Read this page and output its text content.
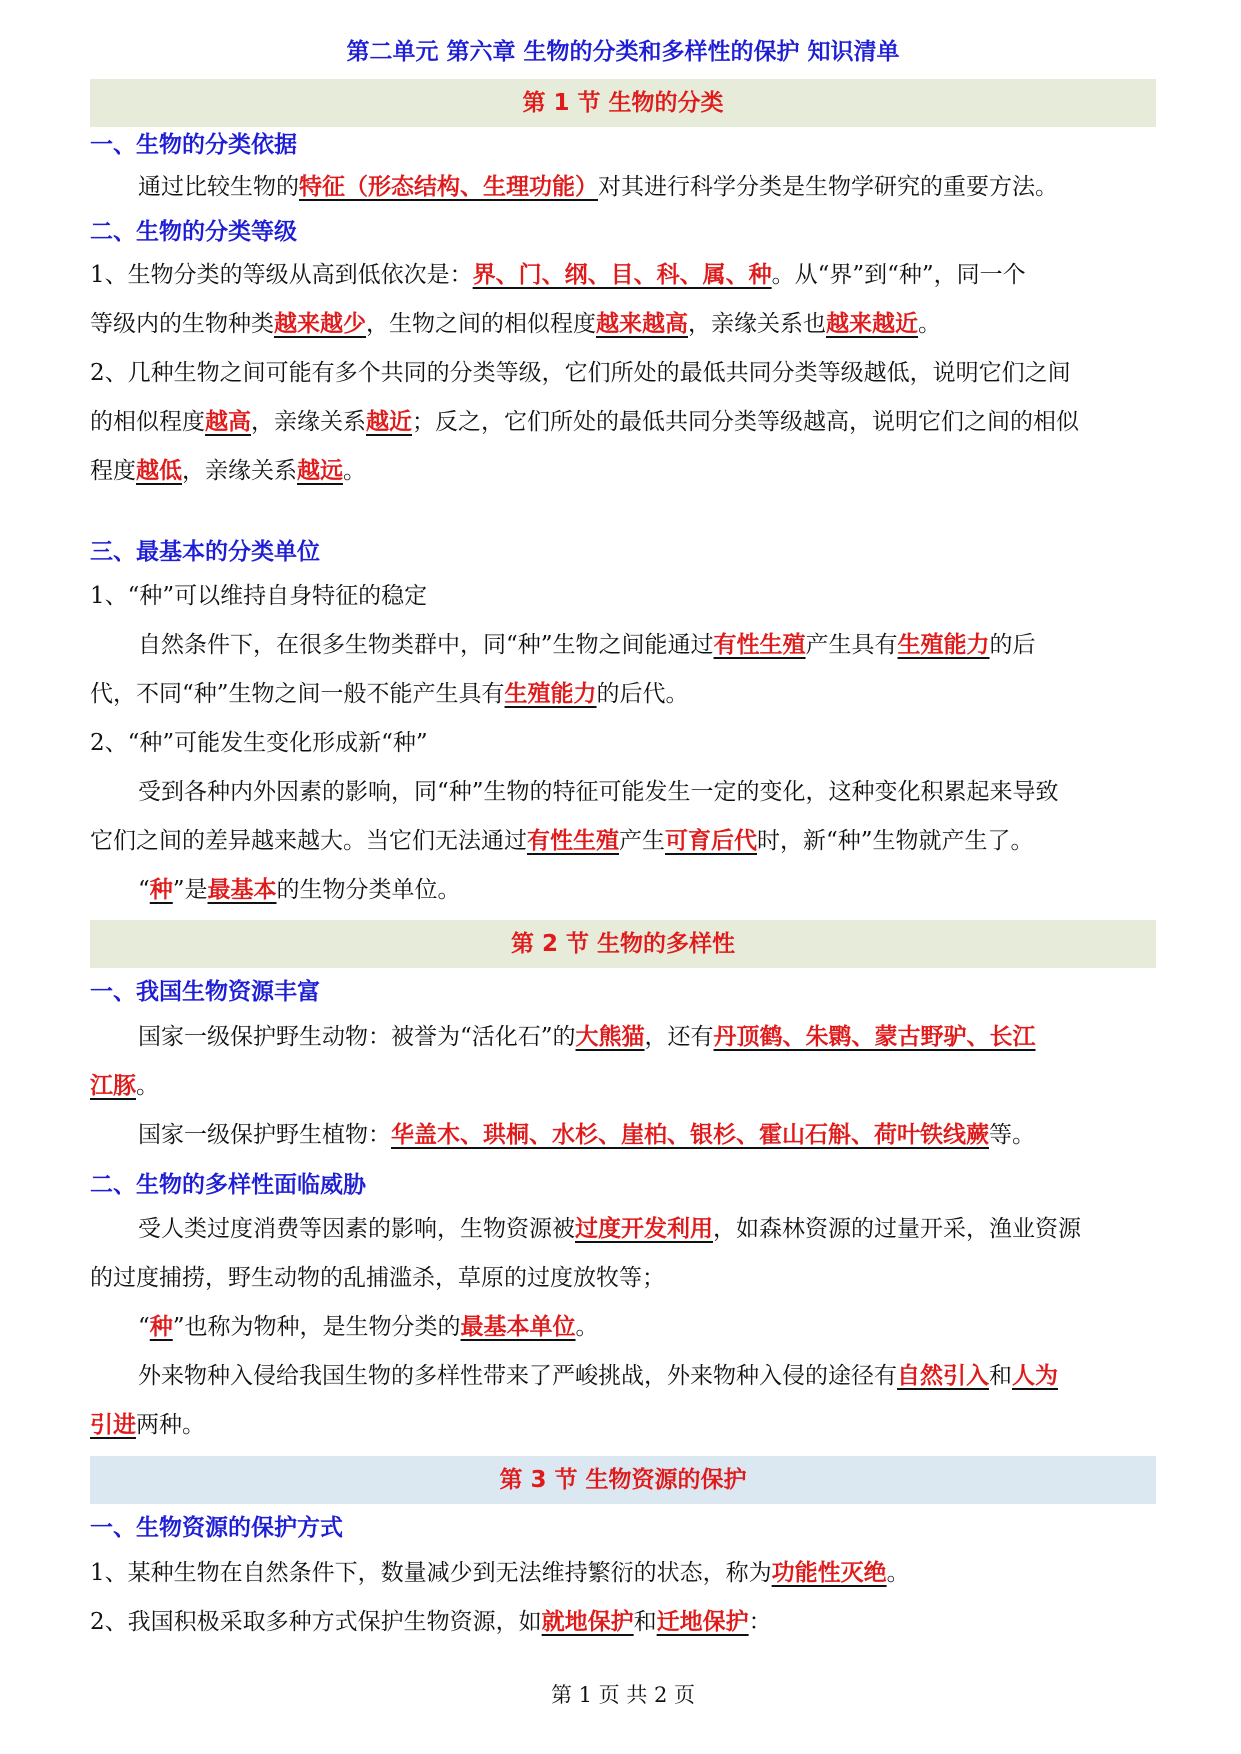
第二单元 第六章 生物的分类和多样性的保护 知识清单
第 1 节 生物的分类
一、生物的分类依据
通过比较生物的特征（形态结构、生理功能）对其进行科学分类是生物学研究的重要方法。
二、生物的分类等级
1、生物分类的等级从高到低依次是：界、门、纲、目、科、属、种。从“界”到“种”，同一个
等级内的生物种类越来越少，生物之间的相似程度越来越高，亲缘关系也越来越近。
2、几种生物之间可能有多个共同的分类等级，它们所处的最低共同分类等级越低，说明它们之间
的相似程度越高，亲缘关系越近；反之，它们所处的最低共同分类等级越高，说明它们之间的相似
程度越低，亲缘关系越远。
三、最基本的分类单位
1、“种”可以维持自身特征的稳定
自然条件下，在很多生物类群中，同“种”生物之间能通过有性生殖产生具有生殖能力的后
代，不同“种”生物之间一般不能产生具有生殖能力的后代。
2、“种”可能发生变化形成新“种”
受到各种内外因素的影响，同“种”生物的特征可能发生一定的变化，这种变化积累起来导致
它们之间的差异越来越大。当它们无法通过有性生殖产生可育后代时，新“种”生物就产生了。
“种”是最基本的生物分类单位。
第 2 节 生物的多样性
一、我国生物资源丰富
国家一级保护野生动物：被誉为“活化石”的大熊猫，还有丹顶鹤、朱鹮、蒙古野驴、长江
江豚。
国家一级保护野生植物：华盖木、珙桐、水杉、崖柏、银杉、霍山石斛、荷叶铁线蕨等。
二、生物的多样性面临威胁
受人类过度消费等因素的影响，生物资源被过度开发利用，如森林资源的过量开采，渔业资源
的过度捕捞，野生动物的乱捕滥杀，草原的过度放牧等；
“种”也称为物种，是生物分类的最基本单位。
外来物种入侵给我国生物的多样性带来了严峻挑战，外来物种入侵的途径有自然引入和人为
引进两种。
第 3 节 生物资源的保护
一、生物资源的保护方式
1、某种生物在自然条件下，数量减少到无法维持繁衍的状态，称为功能性灭绝。
2、我国积极采取多种方式保护生物资源，如就地保护和迁地保护：
第 1 页 共 2 页
